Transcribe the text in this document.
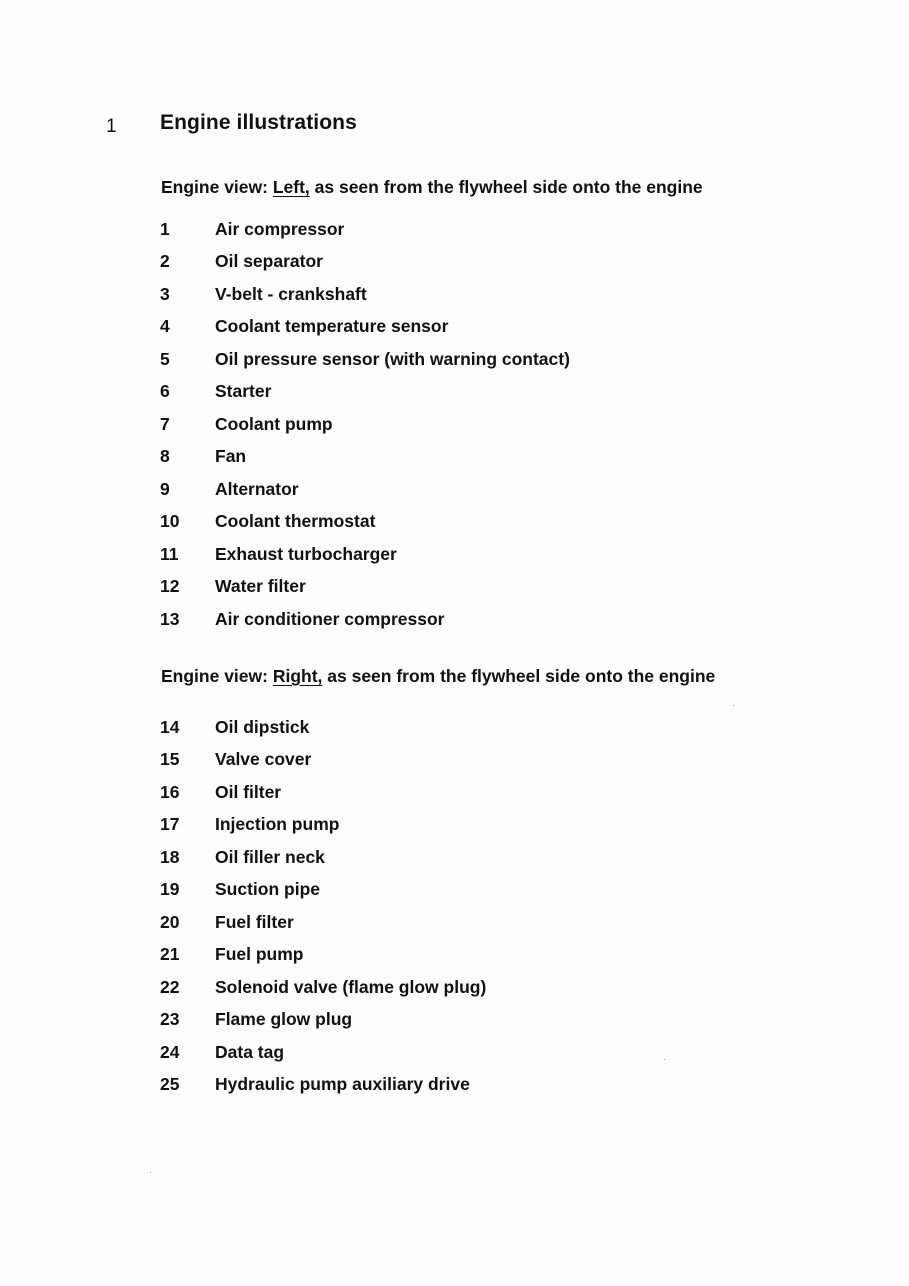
1 Engine illustrations
Engine view: Left, as seen from the flywheel side onto the engine
1	Air compressor
2	Oil separator
3	V-belt - crankshaft
4	Coolant temperature sensor
5	Oil pressure sensor (with warning contact)
6	Starter
7	Coolant pump
8	Fan
9	Alternator
10	Coolant thermostat
11	Exhaust turbocharger
12	Water filter
13	Air conditioner compressor
Engine view: Right, as seen from the flywheel side onto the engine
14	Oil dipstick
15	Valve cover
16	Oil filter
17	Injection pump
18	Oil filler neck
19	Suction pipe
20	Fuel filter
21	Fuel pump
22	Solenoid valve (flame glow plug)
23	Flame glow plug
24	Data tag
25	Hydraulic pump auxiliary drive
